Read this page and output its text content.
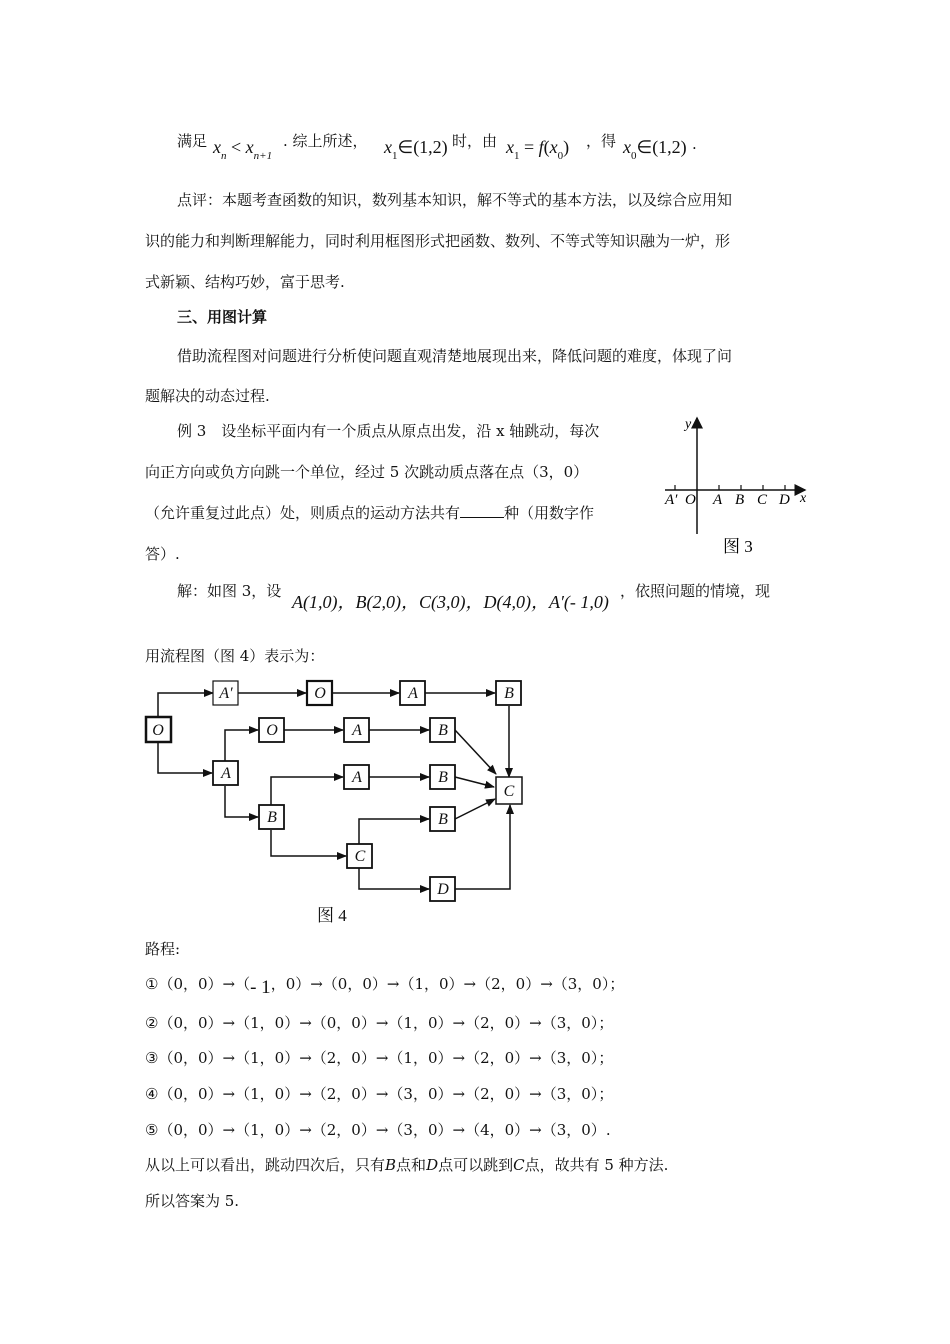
满足 $x_n < x_{n+1}$
. 综上所述， $x_1\in(1,2)$ 时，由 $x_1 = f(x_0)$ ，得 $x_0\in(1,2)$ .
点评：本题考查函数的知识，数列基本知识，解不等式的基本方法，以及综合应用知
识的能力和判断理解能力，同时利用框图形式把函数、数列、不等式等知识融为一炉，形
式新颖、结构巧妙，富于思考.
三、用图计算
借助流程图对问题进行分析使问题直观清楚地展现出来，降低问题的难度，体现了问
题解决的动态过程.
例 3　设坐标平面内有一个质点从原点出发，沿 x 轴跳动，每次
向正方向或负方向跳一个单位，经过 5 次跳动质点落在点（3，0）
（允许重复过此点）处，则质点的运动方法共有	种（用数字作
答）.
y
x
A′ O A B C D
图 3
解：如图 3，设
A(1,0)，B(2,0)，C(3,0)，D(4,0)，A′(- 1,0)
，依照问题的情境，现
用流程图（图 4）表示为：
O
A′	O	A	B
A
O	A	B
A	B
B	B
C
D
C
图 4
路程:
①（0，0）→（- 1，0）→（0，0）→（1，0）→（2，0）→（3，0）；
②（0，0）→（1，0）→（0，0）→（1，0）→（2，0）→（3，0）；
③（0，0）→（1，0）→（2，0）→（1，0）→（2，0）→（3，0）；
④（0，0）→（1，0）→（2，0）→（3，0）→（2，0）→（3，0）；
⑤（0，0）→（1，0）→（2，0）→（3，0）→（4，0）→（3，0）.
从以上可以看出，跳动四次后，只有B点和D点可以跳到C点，故共有 5 种方法.
所以答案为 5.
